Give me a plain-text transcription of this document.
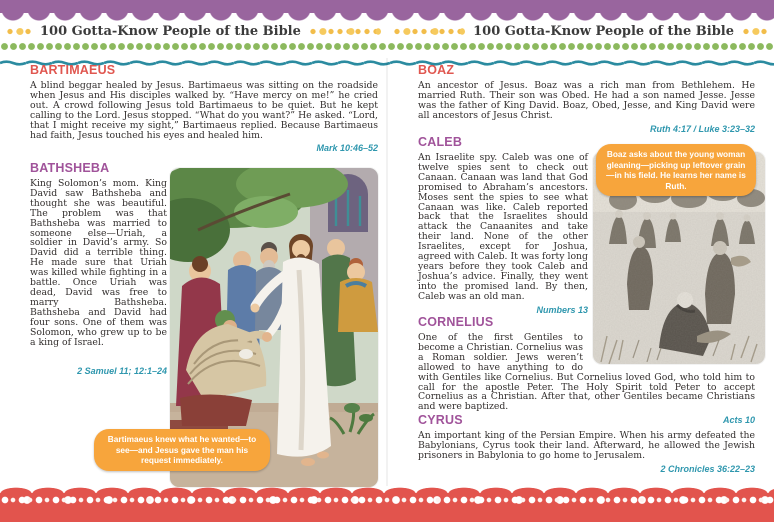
100 Gotta-Know People of the Bible	100 Gotta-Know People of the Bible
BARTIMAEUS

A blind beggar healed by Jesus. Bartimaeus was sitting on the roadside when Jesus and His disciples walked by. “Have mercy on me!” he cried out. A crowd following Jesus told Bartimaeus to be quiet. But he kept calling to the Lord. Jesus stopped. “What do you want?” He asked. “Lord, that I might receive my sight,” Bartimaeus replied. Because Bartimaeus had faith, Jesus touched his eyes and healed him.

Mark 10:46–52
BATHSHEBA

King Solomon’s mom. King David saw Bathsheba and thought she was beautiful. The problem was that Bathsheba was married to someone else—Uriah, a soldier in David’s army. So David did a terrible thing. He made sure that Uriah was killed while fighting in a battle. Once Uriah was dead, David was free to marry Bathsheba. Bathsheba and David had four sons. One of them was Solomon, who grew up to be a king of Israel.

2 Samuel 11; 12:1–24
Bartimaeus knew what he wanted—to see—and Jesus gave the man his request immediately.
BOAZ

An ancestor of Jesus. Boaz was a rich man from Bethlehem. He married Ruth. Their son was Obed. He had a son named Jesse. Jesse was the father of King David. Boaz, Obed, Jesse, and King David were all ancestors of Jesus Christ.

Ruth 4:17 / Luke 3:23–32
CALEB

An Israelite spy. Caleb was one of twelve spies sent to check out Canaan. Canaan was land that God promised to Abraham’s ancestors. Moses sent the spies to see what Canaan was like. Caleb reported back that the Israelites should attack the Canaanites and take their land. None of the other Israelites, except for Joshua, agreed with Caleb. It was forty long years before they took Caleb and Joshua’s advice. Finally, they went into the promised land. By then, Caleb was an old man.

Numbers 13
Boaz asks about the young woman gleaning—picking up leftover grain—in his field. He learns her name is Ruth.
CORNELIUS
One of the first Gentiles to become a Christian. Cornelius was a Roman soldier. Jews weren’t allowed to have anything to do with Gentiles like Cornelius. But Cornelius loved God, who told him to call for the apostle Peter. The Holy Spirit told Peter to accept Cornelius as a Christian. After that, other Gentiles became Christians and were baptized.
Acts 10
CYRUS

An important king of the Persian Empire. When his army defeated the Babylonians, Cyrus took their land. Afterward, he allowed the Jewish prisoners in Babylonia to go home to Jerusalem.

2 Chronicles 36:22–23
